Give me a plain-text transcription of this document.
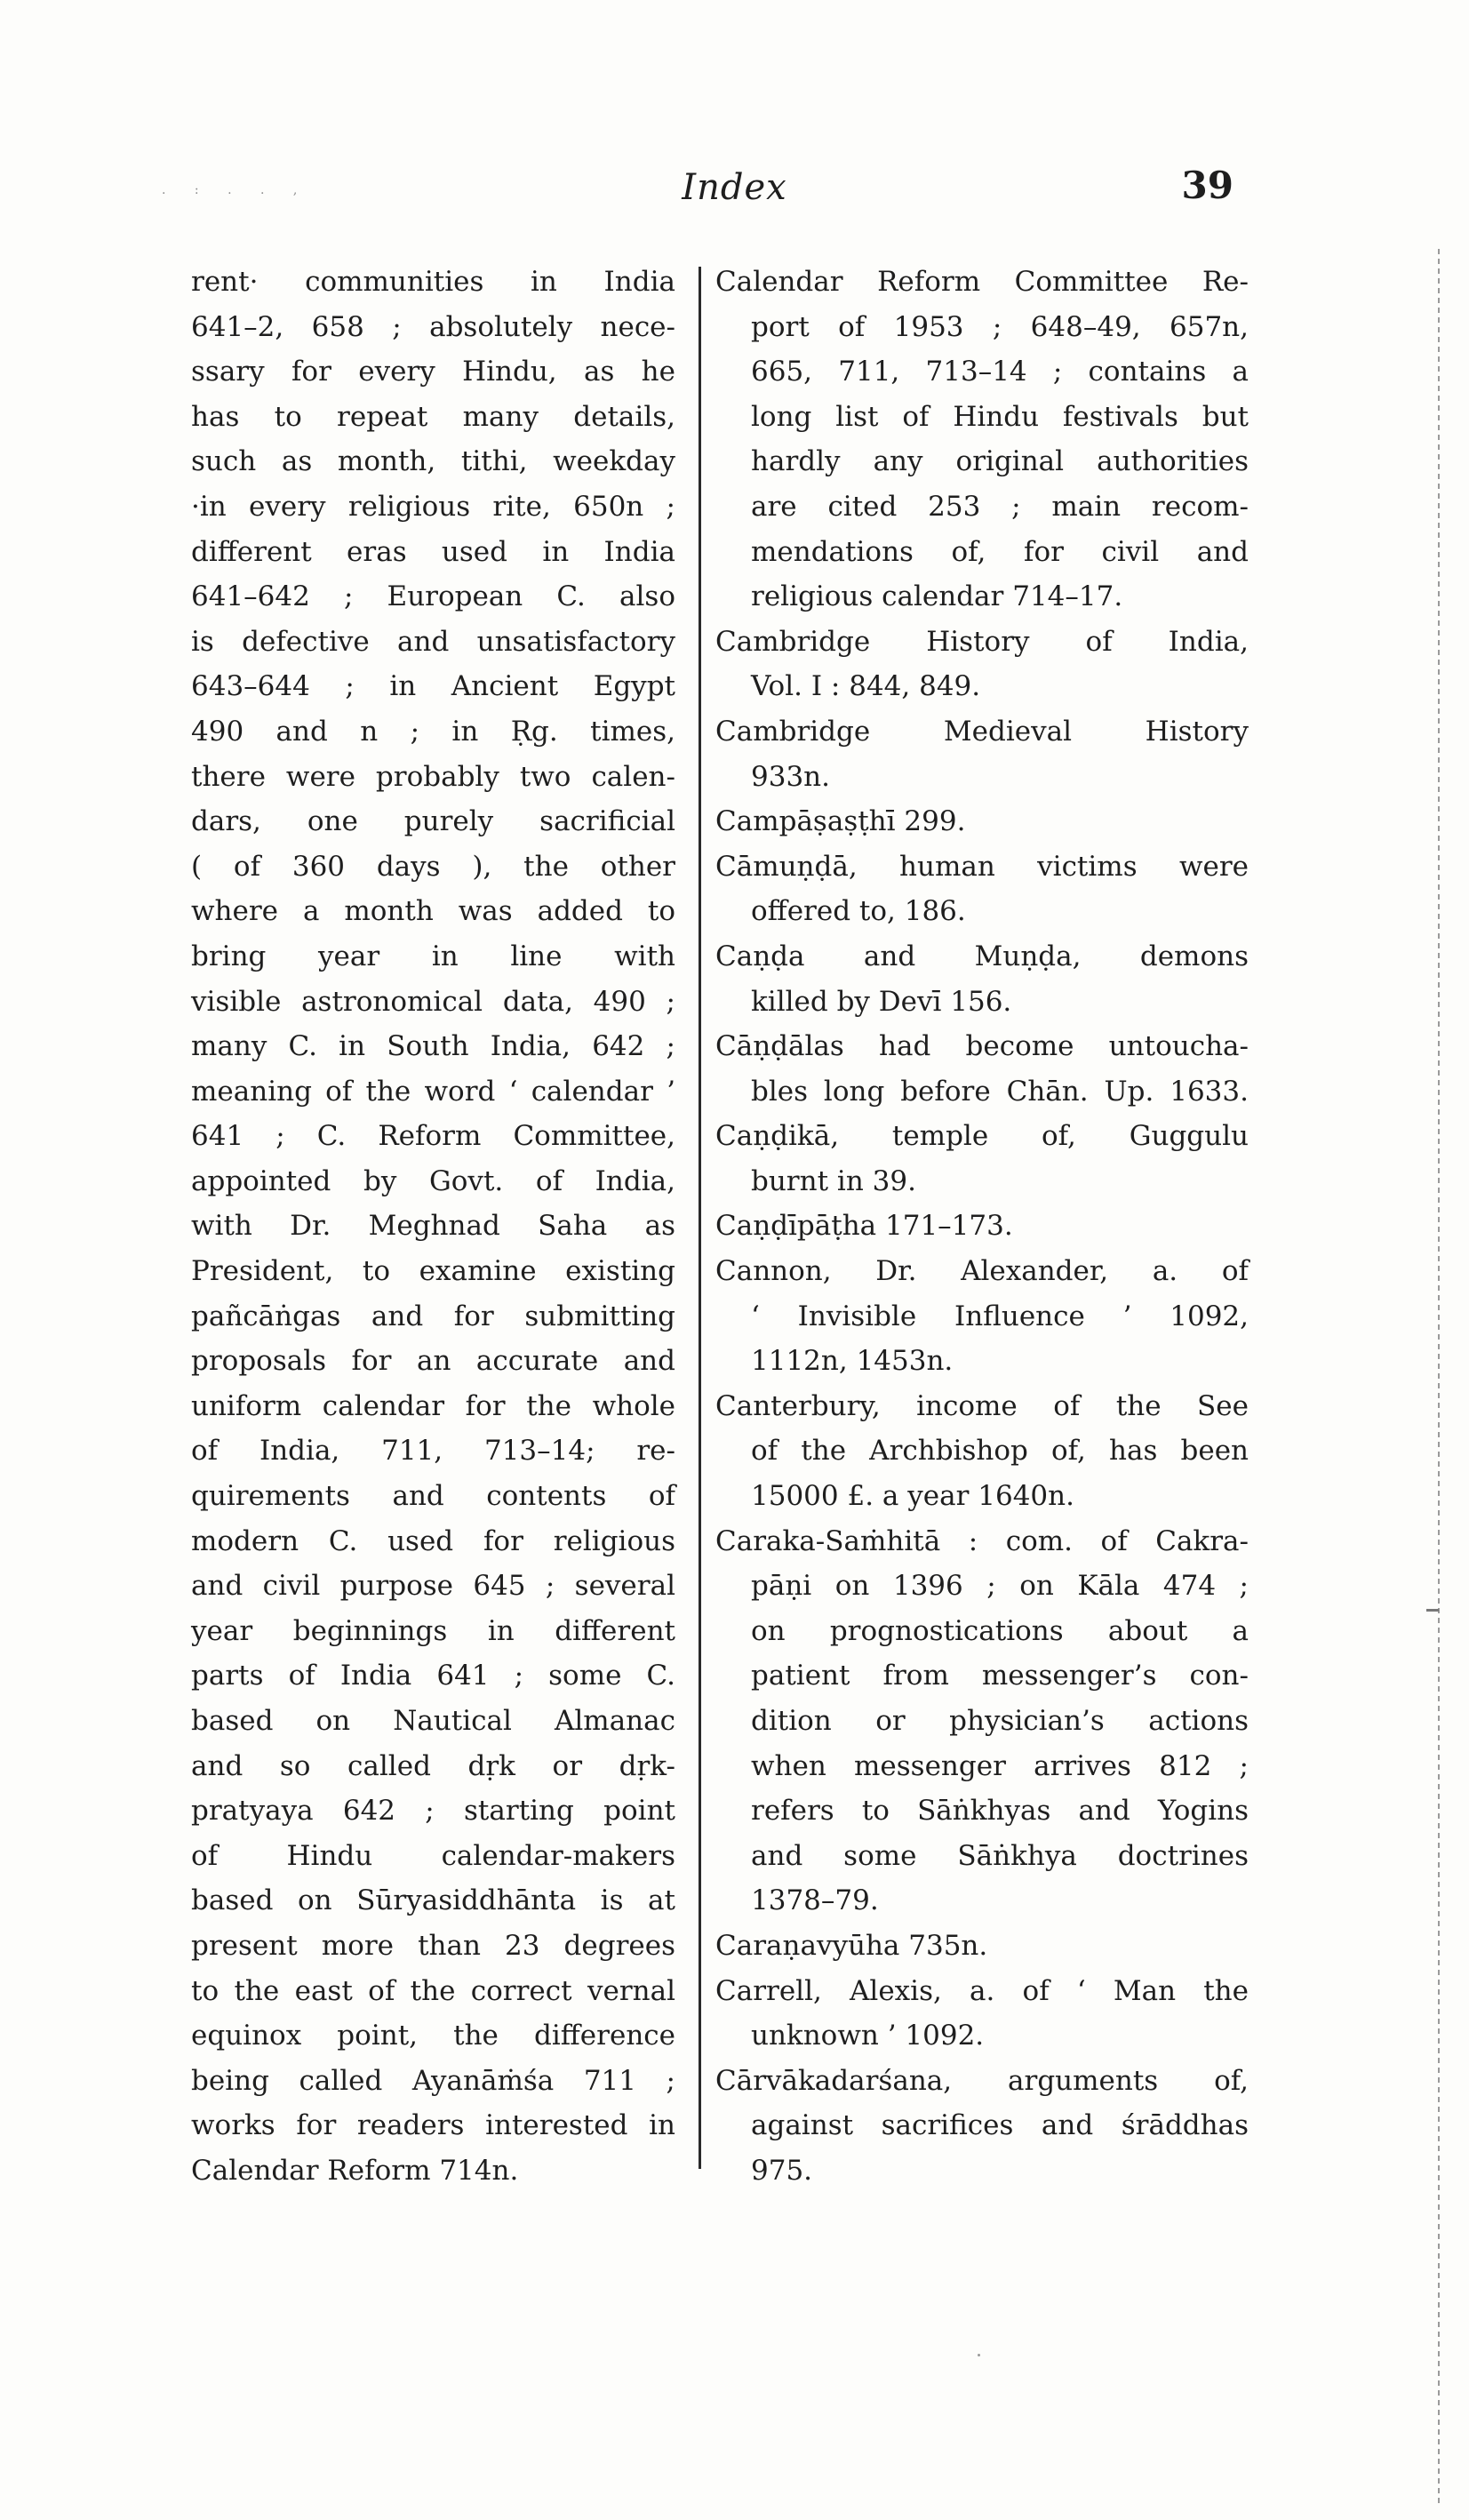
. : . . ,	Index	39
rent· communities in India
641–2, 658 ; absolutely nece-
ssary for every Hindu, as he
has to repeat many details,
such as month, tithi, weekday
·in every religious rite, 650n ;
different eras used in India
641–642 ; European C. also
is defective and unsatisfactory
643–644 ; in Ancient Egypt
490 and n ; in Ṛg. times,
there were probably two calen-
dars, one purely sacrificial
( of 360 days ), the other
where a month was added to
bring year in line with
visible astronomical data, 490 ;
many C. in South India, 642 ;
meaning of the word ‘ calendar ’
641 ; C. Reform Committee,
appointed by Govt. of India,
with Dr. Meghnad Saha as
President, to examine existing
pañcāṅgas and for submitting
proposals for an accurate and
uniform calendar for the whole
of India, 711, 713–14; re-
quirements and contents of
modern C. used for religious
and civil purpose 645 ; several
year beginnings in different
parts of India 641 ; some C.
based on Nautical Almanac
and so called dṛk or dṛk-
pratyaya 642 ; starting point
of Hindu calendar-makers
based on Sūryasiddhānta is at
present more than 23 degrees
to the east of the correct vernal
equinox point, the difference
being called Ayanāṁśa 711 ;
works for readers interested in
Calendar Reform 714n.
Calendar Reform Committee Re-
port of 1953 ; 648–49, 657n,
665, 711, 713–14 ; contains a
long list of Hindu festivals but
hardly any original authorities
are cited 253 ; main recom-
mendations of, for civil and
religious calendar 714–17.
Cambridge History of India,
Vol. I : 844, 849.
Cambridge Medieval History
933n.
Campāṣaṣṭhī 299.
Cāmuṇḍā, human victims were
offered to, 186.
Caṇḍa and Muṇḍa, demons
killed by Devī 156.
Cāṇḍālas had become untoucha-
bles long before Chān. Up. 1633.
Caṇḍikā, temple of, Guggulu
burnt in 39.
Caṇḍīpāṭha 171–173.
Cannon, Dr. Alexander, a. of
‘ Invisible Influence ’ 1092,
1112n, 1453n.
Canterbury, income of the See
of the Archbishop of, has been
15000 £. a year 1640n.
Caraka-Saṁhitā : com. of Cakra-
pāṇi on 1396 ; on Kāla 474 ;
on prognostications about a
patient from messenger’s con-
dition or physician’s actions
when messenger arrives 812 ;
refers to Sāṅkhyas and Yogins
and some Sāṅkhya doctrines
1378–79.
Caraṇavyūha 735n.
Carrell, Alexis, a. of ‘ Man the
unknown ’ 1092.
Cārvākadarśana, arguments of,
against sacrifices and śrāddhas
975.
